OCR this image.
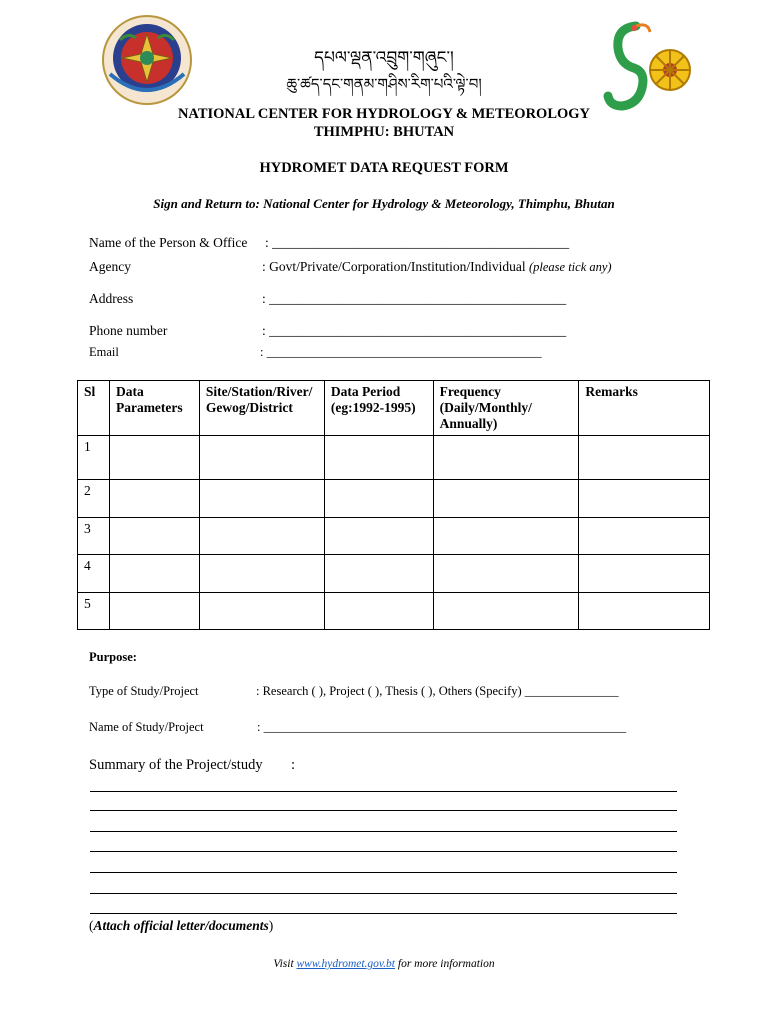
དཔལ་ལྡན་འབྲུག་གཞུང་།
ཆུ་ཚད་དང་གནམ་གཤིས་རིག་པའི་ལྟེ་བ།
NATIONAL CENTER FOR HYDROLOGY & METEOROLOGY
THIMPHU: BHUTAN
HYDROMET DATA REQUEST FORM
Sign and Return to: National Center for Hydrology & Meteorology, Thimphu, Bhutan
Name of the Person & Office : ____________________________________________
Agency	: Govt/Private/Corporation/Institution/Individual (please tick any)
Address	: ____________________________________________
Phone number	: ____________________________________________
Email	: ____________________________________________
Sl	Data Parameters	Site/Station/River/ Gewog/District	Data Period (eg:1992-1995)	Frequency (Daily/Monthly/ Annually)	Remarks
1					
2					
3					
4					
5					
Purpose:
Type of Study/Project	: Research ( ), Project ( ), Thesis ( ), Others (Specify) _______________
Name of Study/Project	: __________________________________________________________
Summary of the Project/study :
(Attach official letter/documents)
Visit www.hydromet.gov.bt for more information
